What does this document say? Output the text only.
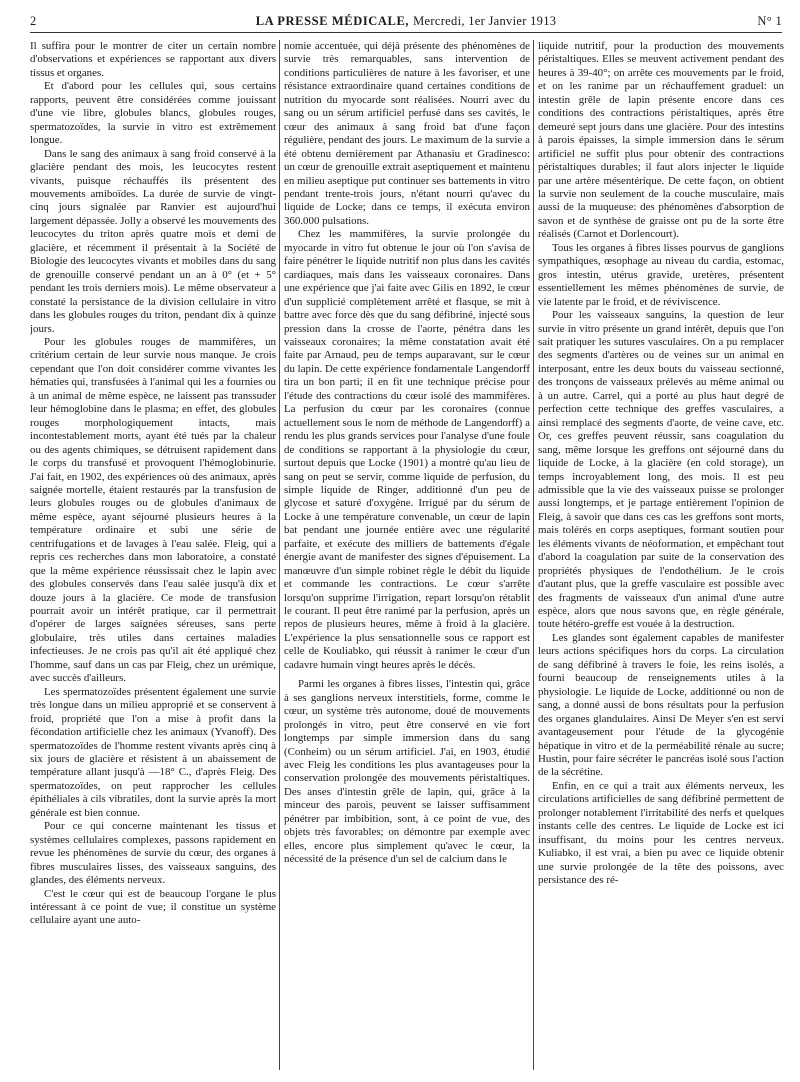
2	LA PRESSE MÉDICALE, Mercredi, 1er Janvier 1913	N° 1

Il suffira pour le montrer de citer un certain nombre d'observations et expériences se rapportant aux divers tissus et organes.

Et d'abord pour les cellules qui, sous certains rapports, peuvent être considérées comme jouissant d'une vie libre, globules blancs, globules rouges, spermatozoïdes, la survie in vitro est extrêmement longue.

Dans le sang des animaux à sang froid conservé à la glacière pendant des mois, les leucocytes restent vivants, puisque réchauffés ils présentent des mouvements amiboïdes. La durée de survie de vingt-cinq jours signalée par Ranvier est aujourd'hui largement dépassée. Jolly a observé les mouvements des leucocytes du triton après quatre mois et demi de glacière, et récemment il présentait à la Société de Biologie des leucocytes vivants et mobiles dans du sang de grenouille conservé pendant un an à 0° (et + 5° pendant les trois derniers mois). Le même observateur a constaté la persistance de la division cellulaire in vitro dans les globules rouges du triton, pendant dix à quinze jours.

Pour les globules rouges de mammifères, un critérium certain de leur survie nous manque. Je crois cependant que l'on doit considérer comme vivantes les hématies qui, transfusées à l'animal qui les a fournies ou à un animal de même espèce, ne laissent pas transsuder leur hémoglobine dans le plasma; en effet, des globules rouges morphologiquement intacts, mais incontestablement morts, ayant été tués par la chaleur ou des agents chimiques, se détruisent rapidement dans le corps du transfusé et provoquent l'hémoglobinurie. J'ai fait, en 1902, des expériences où des animaux, après saignée mortelle, étaient restaurés par la transfusion de leurs globules rouges ou de globules d'animaux de même espèce, ayant séjourné plusieurs heures à la température ordinaire et subi une série de centrifugations et de lavages à l'eau salée. Fleig, qui a repris ces recherches dans mon laboratoire, a constaté que la même expérience réussissait chez le lapin avec des globules conservés dans l'eau salée jusqu'à dix et douze jours à la glacière. Ce mode de transfusion pourrait avoir un intérêt pratique, car il permettrait d'opérer de larges saignées séreuses, sans perte globulaire, très utiles dans certaines maladies infectieuses. Je ne crois pas qu'il ait été appliqué chez l'homme, sauf dans un cas par Fleig, chez un urémique, avec succès d'ailleurs.

Les spermatozoïdes présentent également une survie très longue dans un milieu approprié et se conservent à froid, propriété que l'on a mise à profit dans la fécondation artificielle chez les animaux (Yvanoff). Des spermatozoïdes de l'homme restent vivants après cinq à six jours de glacière et résistent à un abaissement de température allant jusqu'à —18° C., d'après Fleig. Des spermatozoïdes, on peut rapprocher les cellules épithéliales à cils vibratiles, dont la survie après la mort générale est bien connue.

Pour ce qui concerne maintenant les tissus et systèmes cellulaires complexes, passons rapidement en revue les phénomènes de survie du cœur, des organes à fibres musculaires lisses, des vaisseaux sanguins, des glandes, des éléments nerveux.

C'est le cœur qui est de beaucoup l'organe le plus intéressant à ce point de vue; il constitue un système cellulaire ayant une auto-

nomie accentuée, qui déjà présente des phénomènes de survie très remarquables, sans intervention de conditions particulières de nature à les favoriser, et une résistance extraordinaire quand certaines conditions de nutrition du myocarde sont réalisées. Nourri avec du sang ou un sérum artificiel perfusé dans ses cavités, le cœur des animaux à sang froid bat d'une façon régulière, pendant des jours. Le maximum de la survie a été obtenu dernièrement par Athanasiu et Gradinesco: un cœur de grenouille extrait aseptiquement et maintenu en milieu aseptique put continuer ses battements in vitro pendant trente-trois jours, n'étant nourri qu'avec du liquide de Locke; dans ce temps, il exécuta environ 360.000 pulsations.

Chez les mammifères, la survie prolongée du myocarde in vitro fut obtenue le jour où l'on s'avisa de faire pénétrer le liquide nutritif non plus dans les cavités cardiaques, mais dans les vaisseaux coronaires. Dans une expérience que j'ai faite avec Gilis en 1892, le cœur d'un supplicié complètement arrêté et flasque, se mit à battre avec force dès que du sang défibriné, injecté sous pression dans la crosse de l'aorte, pénétra dans les vaisseaux coronaires; la même constatation avait été faite par Arnaud, peu de temps auparavant, sur le cœur du lapin. De cette expérience fondamentale Langendorff tira un bon parti; il en fit une technique précise pour l'étude des contractions du cœur isolé des mammifères. La perfusion du cœur par les coronaires (connue actuellement sous le nom de méthode de Langendorff) a rendu les plus grands services pour l'analyse d'une foule de conditions se rapportant à la physiologie du cœur, surtout depuis que Locke (1901) a montré qu'au lieu de sang on peut se servir, comme liquide de perfusion, du simple liquide de Ringer, additionné d'un peu de glycose et saturé d'oxygène. Irrigué par du sérum de Locke à une température convenable, un cœur de lapin bat pendant une journée entière avec une régularité parfaite, et exécute des milliers de battements d'égale énergie avant de manifester des signes d'épuisement. La manœuvre d'un simple robinet règle le débit du liquide et commande les contractions. Le cœur s'arrête lorsqu'on supprime l'irrigation, repart lorsqu'on rétablit le courant. Il peut être ranimé par la perfusion, après un repos de plusieurs heures, même à froid à la glacière. L'expérience la plus sensationnelle sous ce rapport est celle de Kouliabko, qui réussit à ranimer le cœur d'un cadavre humain vingt heures après le décès.

Parmi les organes à fibres lisses, l'intestin qui, grâce à ses ganglions nerveux interstitiels, forme, comme le cœur, un système très autonome, doué de mouvements prolongés in vitro, peut être conservé en vie fort longtemps par simple immersion dans du sang (Conheim) ou un sérum artificiel. J'ai, en 1903, étudié avec Fleig les conditions les plus avantageuses pour la conservation prolongée des mouvements péristaltiques. Des anses d'intestin grêle de lapin, qui, grâce à la minceur des parois, peuvent se laisser suffisamment pénétrer par imbibition, sont, à ce point de vue, des objets très favorables; on démontre par exemple avec elles, encore plus simplement qu'avec le cœur, la nécessité de la présence d'un sel de calcium dans le

liquide nutritif, pour la production des mouvements péristaltiques. Elles se meuvent activement pendant des heures à 39-40°; on arrête ces mouvements par le froid, et on les ranime par un réchauffement graduel: un intestin grêle de lapin présente encore dans ces conditions des contractions péristaltiques, après être demeuré sept jours dans une glacière. Pour des intestins à parois épaisses, la simple immersion dans le sérum artificiel ne suffit plus pour obtenir des contractions péristaltiques durables; il faut alors injecter le liquide par une artère mésentérique. De cette façon, on obtient la survie non seulement de la couche musculaire, mais aussi de la muqueuse: des phénomènes d'absorption de savon et de synthèse de graisse ont pu de la sorte être réalisés (Carnot et Dorlencourt).

Tous les organes à fibres lisses pourvus de ganglions sympathiques, œsophage au niveau du cardia, estomac, gros intestin, utérus gravide, uretères, présentent essentiellement les mêmes phénomènes de survie, de vie latente par le froid, et de réviviscence.

Pour les vaisseaux sanguins, la question de leur survie in vitro présente un grand intérêt, depuis que l'on sait pratiquer les sutures vasculaires. On a pu remplacer des segments d'artères ou de veines sur un animal en interposant, entre les deux bouts du vaisseau sectionné, des tronçons de vaisseaux prélevés au même animal ou à un autre. Carrel, qui a porté au plus haut degré de perfection cette technique des greffes vasculaires, a ainsi remplacé des segments d'aorte, de veine cave, etc. Or, ces greffes peuvent réussir, sans coagulation du sang, même lorsque les greffons ont séjourné dans du liquide de Locke, à la glacière (en cold storage), un temps incroyablement long, des mois. Il est peu admissible que la vie des vaisseaux puisse se prolonger aussi longtemps, et je partage entièrement l'opinion de Fleig, à savoir que dans ces cas les greffons sont morts, mais tolérés en corps aseptiques, formant soutien pour les éléments vivants de néoformation, et empêchant tout d'abord la coagulation par suite de la conservation des propriétés physiques de l'endothélium. Je le crois d'autant plus, que la greffe vasculaire est possible avec des fragments de vaisseaux d'un animal d'une autre espèce, alors que nous savons que, en règle générale, toute hétéro-greffe est vouée à la destruction.

Les glandes sont également capables de manifester leurs actions spécifiques hors du corps. La circulation de sang défibriné à travers le foie, les reins isolés, a fourni beaucoup de renseignements utiles à la physiologie. Le liquide de Locke, additionné ou non de sang, a donné aussi de bons résultats pour la perfusion des organes glandulaires. Ainsi De Meyer s'en est servi avantageusement pour l'étude de la glycogénie hépatique in vitro et de la perméabilité rénale au sucre; Hustin, pour faire sécréter le pancréas isolé sous l'action de la sécrétine.

Enfin, en ce qui a trait aux éléments nerveux, les circulations artificielles de sang défibriné permettent de prolonger notablement l'irritabilité des nerfs et quelques instants celle des centres. Le liquide de Locke est ici insuffisant, du moins pour les centres nerveux. Kuliabko, il est vrai, a bien pu avec ce liquide obtenir une survie prolongée de la tête des poissons, avec persistance des ré-
